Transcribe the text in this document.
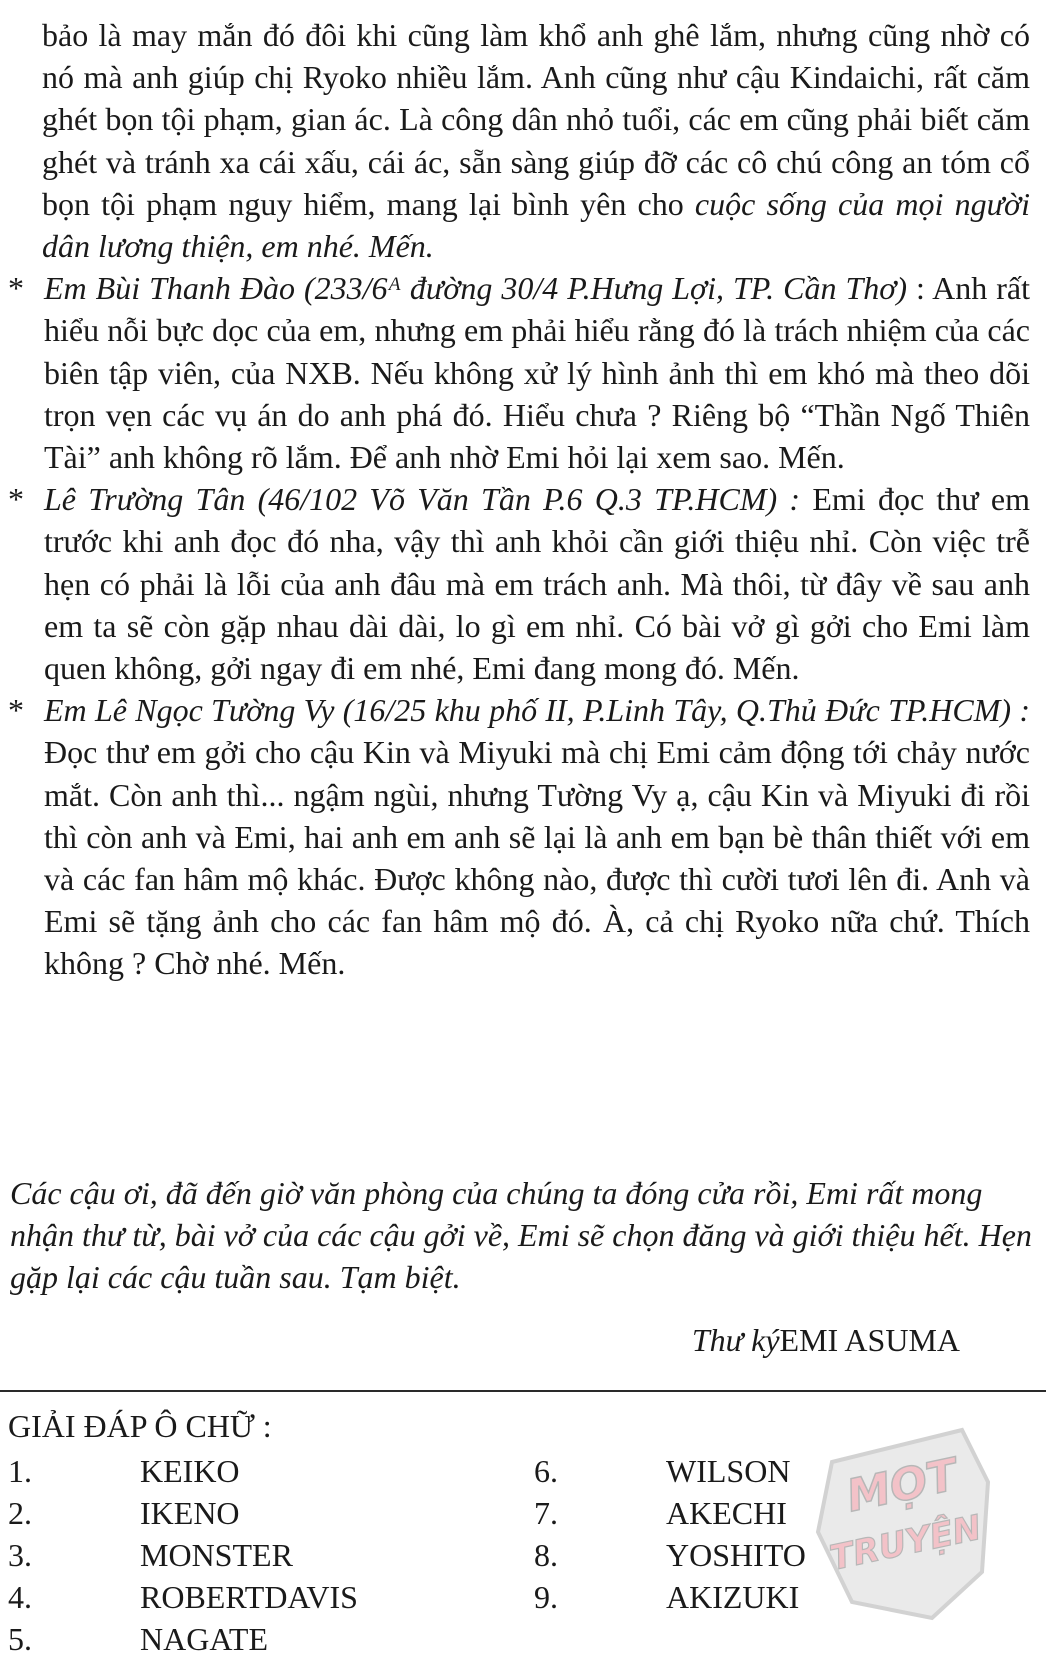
bảo là may mắn đó đôi khi cũng làm khổ anh ghê lắm, nhưng cũng nhờ có nó mà anh giúp chị Ryoko nhiều lắm. Anh cũng như cậu Kindaichi, rất căm ghét bọn tội phạm, gian ác. Là công dân nhỏ tuổi, các em cũng phải biết căm ghét và tránh xa cái xấu, cái ác, sẵn sàng giúp đỡ các cô chú công an tóm cổ bọn tội phạm nguy hiểm, mang lại bình yên cho cuộc sống của mọi người dân lương thiện, em nhé. Mến.

* Em Bùi Thanh Đào (233/6ᴬ đường 30/4 P.Hưng Lợi, TP. Cần Thơ) : Anh rất hiểu nỗi bực dọc của em, nhưng em phải hiểu rằng đó là trách nhiệm của các biên tập viên, của NXB. Nếu không xử lý hình ảnh thì em khó mà theo dõi trọn vẹn các vụ án do anh phá đó. Hiểu chưa ? Riêng bộ “Thần Ngố Thiên Tài” anh không rõ lắm. Để anh nhờ Emi hỏi lại xem sao. Mến.

* Lê Trường Tân (46/102 Võ Văn Tần P.6 Q.3 TP.HCM) : Emi đọc thư em trước khi anh đọc đó nha, vậy thì anh khỏi cần giới thiệu nhỉ. Còn việc trễ hẹn có phải là lỗi của anh đâu mà em trách anh. Mà thôi, từ đây về sau anh em ta sẽ còn gặp nhau dài dài, lo gì em nhỉ. Có bài vở gì gởi cho Emi làm quen không, gởi ngay đi em nhé, Emi đang mong đó. Mến.

* Em Lê Ngọc Tường Vy (16/25 khu phố II, P.Linh Tây, Q.Thủ Đức TP.HCM) : Đọc thư em gởi cho cậu Kin và Miyuki mà chị Emi cảm động tới chảy nước mắt. Còn anh thì... ngậm ngùi, nhưng Tường Vy ạ, cậu Kin và Miyuki đi rồi thì còn anh và Emi, hai anh em anh sẽ lại là anh em bạn bè thân thiết với em và các fan hâm mộ khác. Được không nào, được thì cười tươi lên đi. Anh và Emi sẽ tặng ảnh cho các fan hâm mộ đó. À, cả chị Ryoko nữa chứ. Thích không ? Chờ nhé. Mến.

Các cậu ơi, đã đến giờ văn phòng của chúng ta đóng cửa rồi, Emi rất mong nhận thư từ, bài vở của các cậu gởi về, Emi sẽ chọn đăng và giới thiệu hết. Hẹn gặp lại các cậu tuần sau. Tạm biệt.

Thư kýEMI ASUMA
GIẢI ĐÁP Ô CHỮ :
1.	KEIKO
2.	IKENO
3.	MONSTER
4.	ROBERTDAVIS
5.	NAGATE
6.	WILSON
7.	AKECHI
8.	YOSHITO
9.	AKIZUKI
MỌT
TRUYỆN
